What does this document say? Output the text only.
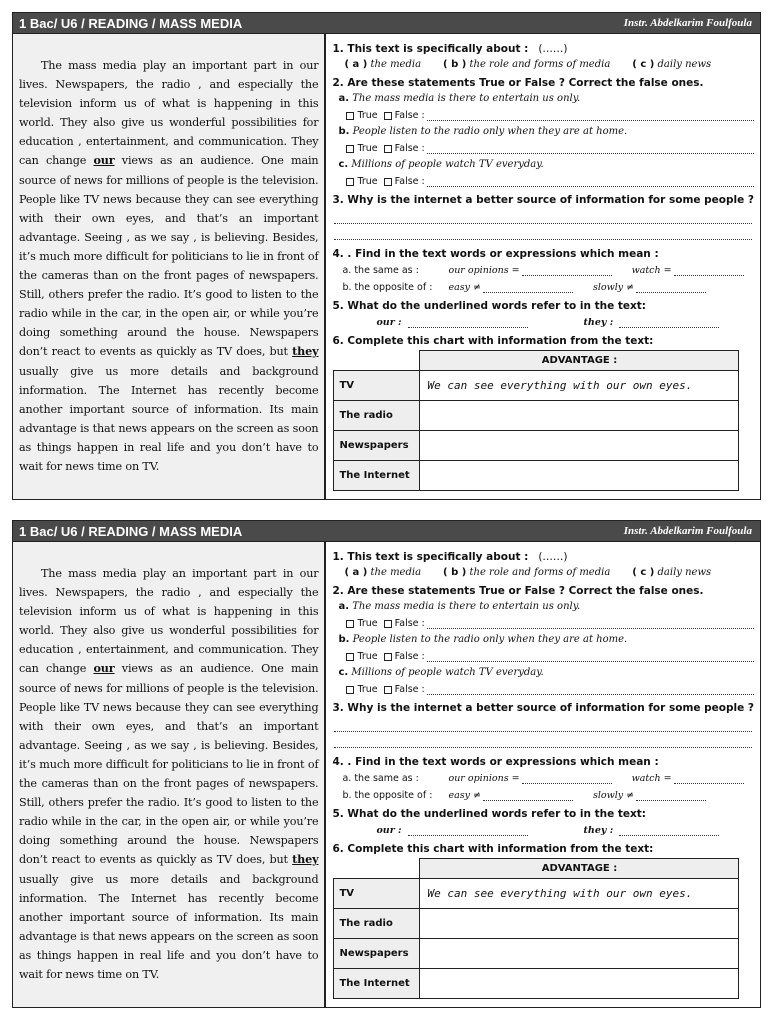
1 Bac/ U6 / READING / MASS MEDIA	Instr. Abdelkarim Foulfoula

The mass media play an important part in our lives. Newspapers, the radio , and especially the television inform us of what is happening in this world. They also give us wonderful possibilities for education , entertainment, and communication. They can change our views as an audience. One main source of news for millions of people is the television. People like TV news because they can see everything with their own eyes, and that’s an important advantage. Seeing , as we say , is believing. Besides, it’s much more difficult for politicians to lie in front of the cameras than on the front pages of newspapers. Still, others prefer the radio. It’s good to listen to the radio while in the car, in the open air, or while you’re doing something around the house. Newspapers don’t react to events as quickly as TV does, but they usually give us more details and background information. The Internet has recently become another important source of information. Its main advantage is that news appears on the screen as soon as things happen in real life and you don’t have to wait for news time on TV.

1. This text is specifically about : (……)
( a ) the media ( b ) the role and forms of media ( c ) daily news
2. Are these statements True or False ? Correct the false ones.
a. The mass media is there to entertain us only.
True False :
b. People listen to the radio only when they are at home.
True False :
c. Millions of people watch TV everyday.
True False :
3. Why is the internet a better source of information for some people ?
4. . Find in the text words or expressions which mean :
a. the same as :	our opinions =	watch =
b. the opposite of : easy ≠	slowly ≠
5. What do the underlined words refer to in the text:
our :	they :
6. Complete this chart with information from the text:
	ADVANTAGE :
TV	We can see everything with our own eyes.
The radio	
Newspapers	
The Internet	
1 Bac/ U6 / READING / MASS MEDIA	Instr. Abdelkarim Foulfoula

The mass media play an important part in our lives. Newspapers, the radio , and especially the television inform us of what is happening in this world. They also give us wonderful possibilities for education , entertainment, and communication. They can change our views as an audience. One main source of news for millions of people is the television. People like TV news because they can see everything with their own eyes, and that’s an important advantage. Seeing , as we say , is believing. Besides, it’s much more difficult for politicians to lie in front of the cameras than on the front pages of newspapers. Still, others prefer the radio. It’s good to listen to the radio while in the car, in the open air, or while you’re doing something around the house. Newspapers don’t react to events as quickly as TV does, but they usually give us more details and background information. The Internet has recently become another important source of information. Its main advantage is that news appears on the screen as soon as things happen in real life and you don’t have to wait for news time on TV.

1. This text is specifically about : (……)
( a ) the media ( b ) the role and forms of media ( c ) daily news
2. Are these statements True or False ? Correct the false ones.
a. The mass media is there to entertain us only.
True False :
b. People listen to the radio only when they are at home.
True False :
c. Millions of people watch TV everyday.
True False :
3. Why is the internet a better source of information for some people ?
4. . Find in the text words or expressions which mean :
a. the same as :	our opinions =	watch =
b. the opposite of : easy ≠	slowly ≠
5. What do the underlined words refer to in the text:
our :	they :
6. Complete this chart with information from the text:
	ADVANTAGE :
TV	We can see everything with our own eyes.
The radio	
Newspapers	
The Internet	
